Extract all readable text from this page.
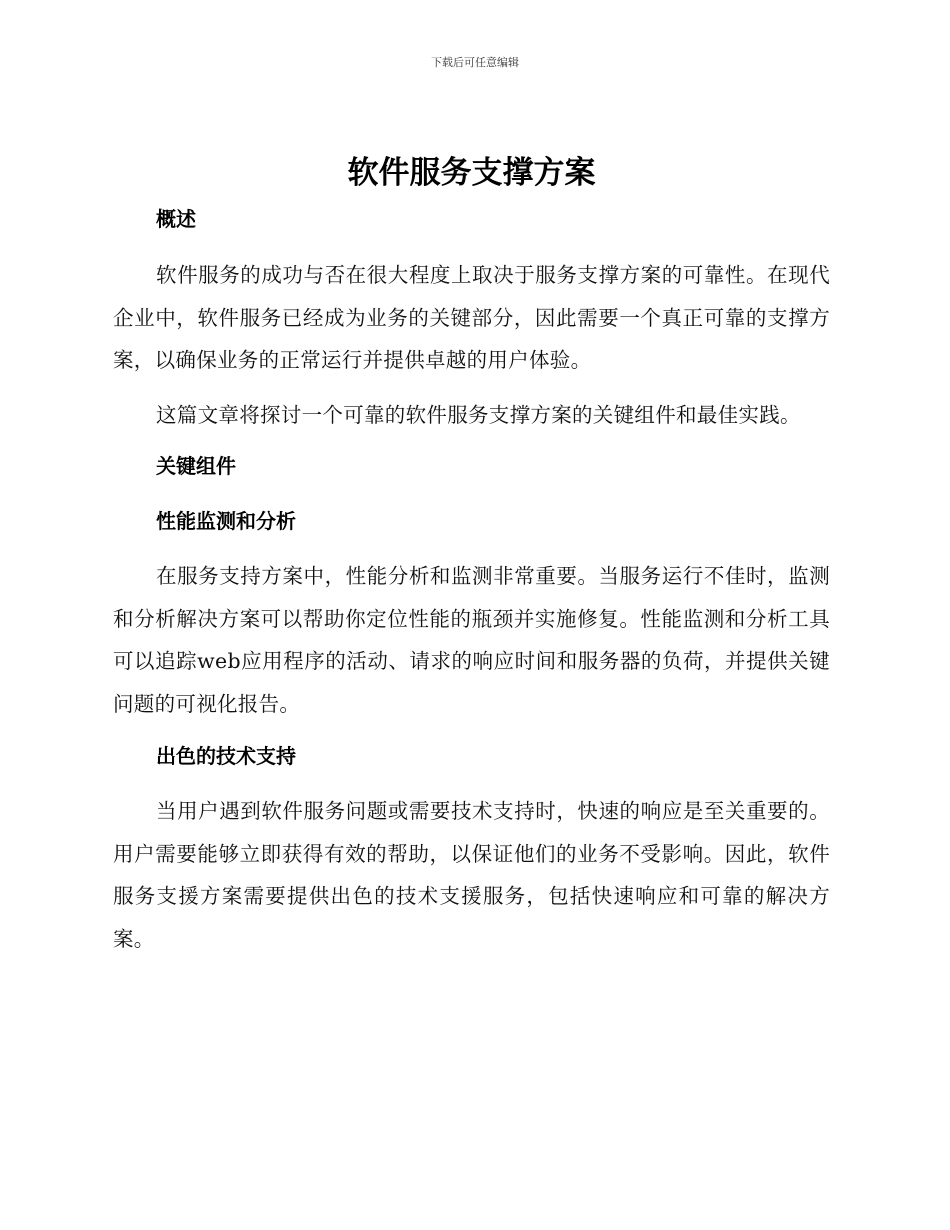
下载后可任意编辑
软件服务支撑方案
概述

软件服务的成功与否在很大程度上取决于服务支撑方案的可靠性。在现代企业中，软件服务已经成为业务的关键部分，因此需要一个真正可靠的支撑方案，以确保业务的正常运行并提供卓越的用户体验。

这篇文章将探讨一个可靠的软件服务支撑方案的关键组件和最佳实践。

关键组件
性能监测和分析

在服务支持方案中，性能分析和监测非常重要。当服务运行不佳时，监测和分析解决方案可以帮助你定位性能的瓶颈并实施修复。性能监测和分析工具可以追踪web应用程序的活动、请求的响应时间和服务器的负荷，并提供关键问题的可视化报告。

出色的技术支持

当用户遇到软件服务问题或需要技术支持时，快速的响应是至关重要的。用户需要能够立即获得有效的帮助，以保证他们的业务不受影响。因此，软件服务支援方案需要提供出色的技术支援服务，包括快速响应和可靠的解决方案。
